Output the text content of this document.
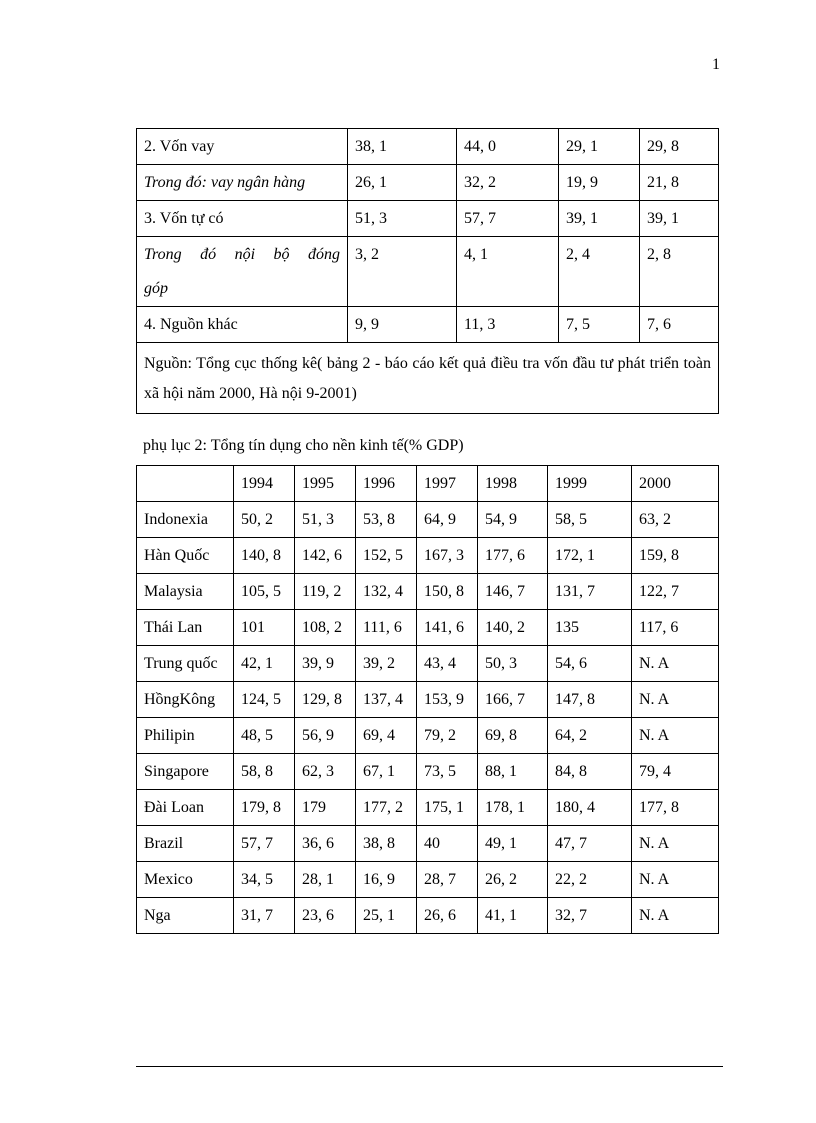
1
2. Vốn vay	38, 1	44, 0	29, 1	29, 8
Trong đó: vay ngân hàng	26, 1	32, 2	19, 9	21, 8
3. Vốn tự có	51, 3	57, 7	39, 1	39, 1

Trong đó nội bộ đóng
góp	3, 2	4, 1	2, 4	2, 8
4. Nguồn khác	9, 9	11, 3	7, 5	7, 6
Nguồn: Tổng cục thống kê( bảng 2 - báo cáo kết quả điều tra vốn đầu tư phát triển toàn xã hội năm 2000, Hà nội 9-2001)				
phụ lục 2: Tổng tín dụng cho nền kinh tế(% GDP)
	1994	1995	1996	1997	1998	1999	2000
Indonexia	50, 2	51, 3	53, 8	64, 9	54, 9	58, 5	63, 2
Hàn Quốc	140, 8	142, 6	152, 5	167, 3	177, 6	172, 1	159, 8
Malaysia	105, 5	119, 2	132, 4	150, 8	146, 7	131, 7	122, 7
Thái Lan	101	108, 2	111, 6	141, 6	140, 2	135	117, 6
Trung quốc	42, 1	39, 9	39, 2	43, 4	50, 3	54, 6	N. A
HồngKông	124, 5	129, 8	137, 4	153, 9	166, 7	147, 8	N. A
Philipin	48, 5	56, 9	69, 4	79, 2	69, 8	64, 2	N. A
Singapore	58, 8	62, 3	67, 1	73, 5	88, 1	84, 8	79, 4
Đài Loan	179, 8	179	177, 2	175, 1	178, 1	180, 4	177, 8
Brazil	57, 7	36, 6	38, 8	40	49, 1	47, 7	N. A
Mexico	34, 5	28, 1	16, 9	28, 7	26, 2	22, 2	N. A
Nga	31, 7	23, 6	25, 1	26, 6	41, 1	32, 7	N. A
